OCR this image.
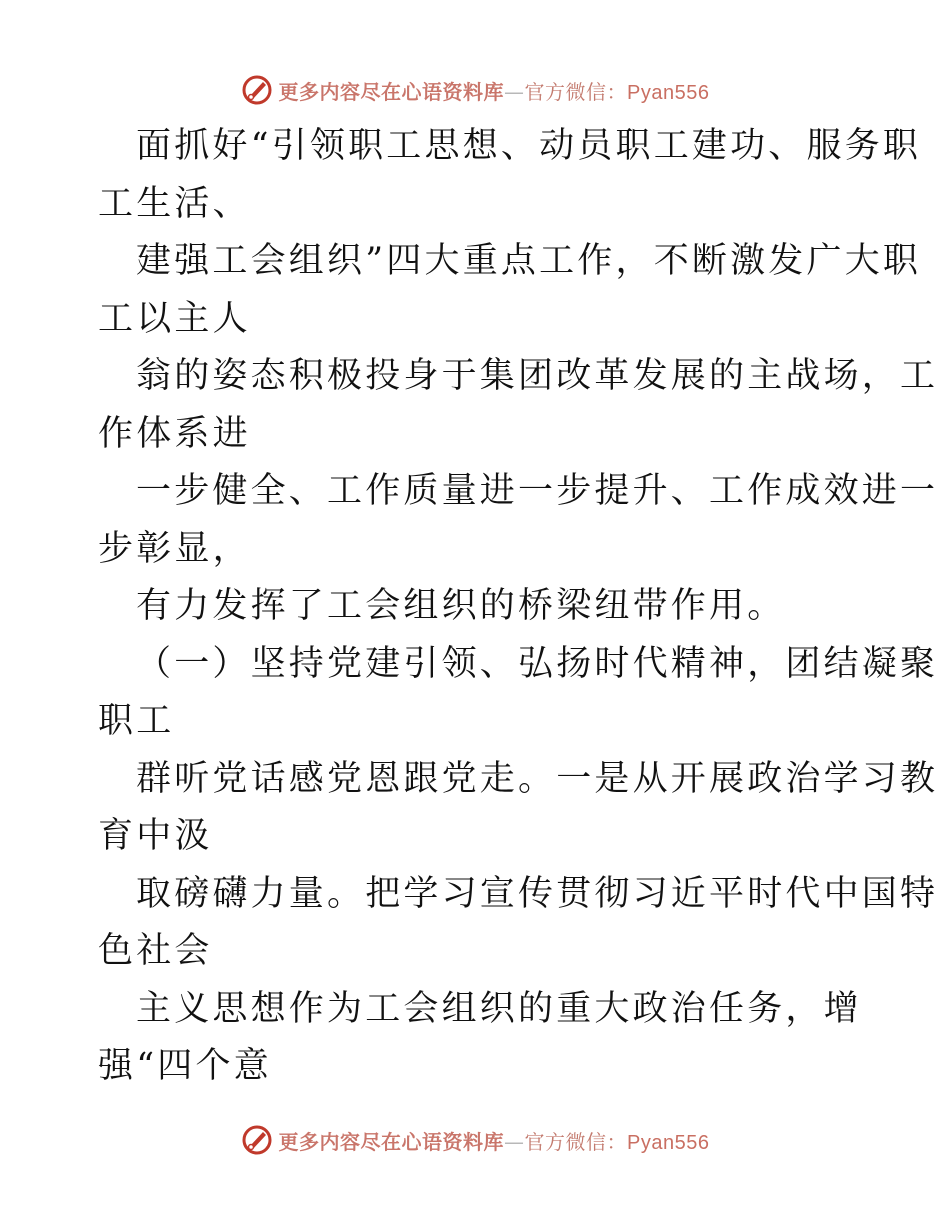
更多内容尽在心语资料库—官方微信：Pyan556
面抓好“引领职工思想、动员职工建功、服务职
工生活、
建强工会组织”四大重点工作，不断激发广大职
工以主人
翁的姿态积极投身于集团改革发展的主战场，工
作体系进
一步健全、工作质量进一步提升、工作成效进一
步彰显，
有力发挥了工会组织的桥梁纽带作用。
（一）坚持党建引领、弘扬时代精神，团结凝聚
职工
群听党话感党恩跟党走。一是从开展政治学习教
育中汲
取磅礴力量。把学习宣传贯彻习近平时代中国特
色社会
主义思想作为工会组织的重大政治任务，增
强“四个意
更多内容尽在心语资料库—官方微信：Pyan556
